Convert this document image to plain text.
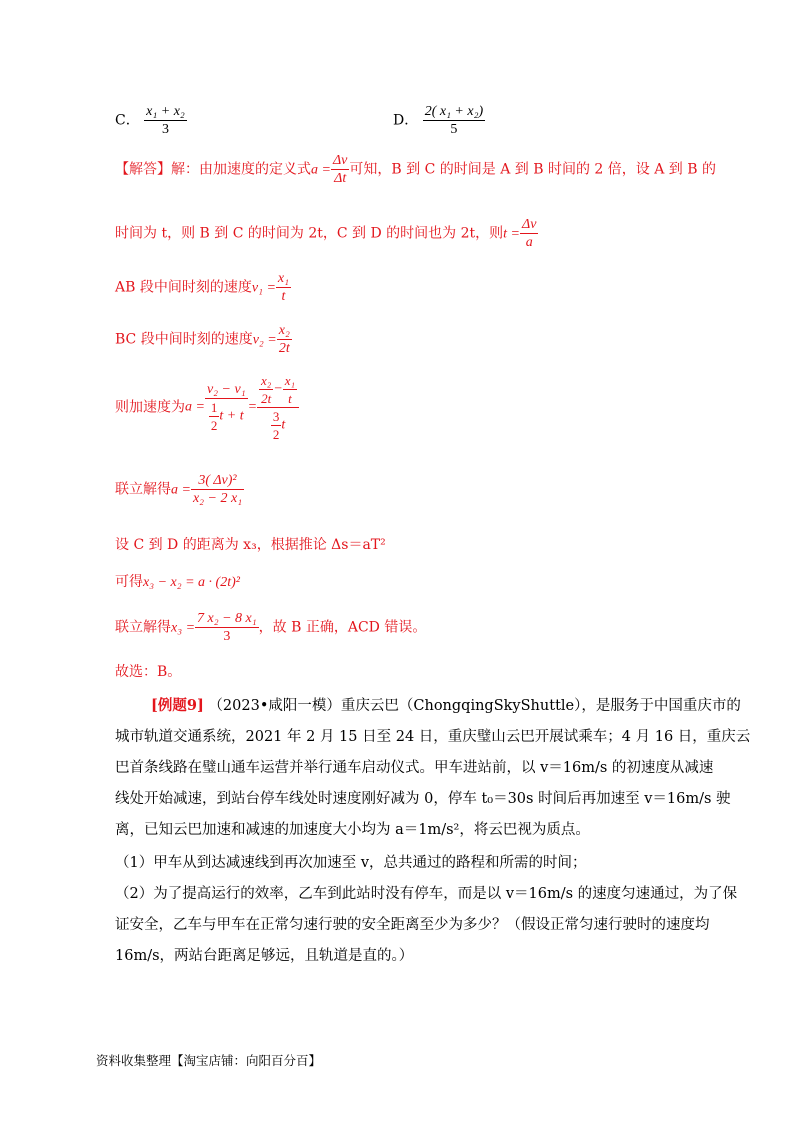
C． $\frac{\text{x₁ + x₂}}{3}$	D． $\frac{\text{2( x₁ + x₂)}}{5}$
【解答】解：由加速度的定义式$a = \frac{\Delta v}{\Delta t}$ 可知，B 到 C 的时间是 A 到 B 时间的 2 倍，设 A 到 B 的
时间为 t，则 B 到 C 的时间为 2t，C 到 D 的时间也为 2t，则$t = \frac{\Delta v}{a}$
AB 段中间时刻的速度$v_1 = \frac{\text{x₁}}{t}$
BC 段中间时刻的速度$v_2 = \frac{\text{x₂}}{2t}$
则加速度为$a = \frac{\text{v₂ − v₁}}{\frac{1}{2} t + t} = \frac{\frac{\text{x₂}}{2t} - \frac{\text{x₁}}{t}}{\frac{3}{2} t}$
联立解得$a = \frac{\text{3( Δv)²}}{\text{x₂ − 2 x₁}}$
设 C 到 D 的距离为 x₃，根据推论 Δs＝aT²
可得x₃ − x₂ = a · (2t)²
联立解得$x_3 = \frac{\text{7 x₂ − 8 x₁}}{3}$ ，故 B 正确，ACD 错误。
故选：B。
[例题9] （2023•咸阳一模）重庆云巴（ChongqingSkyShuttle），是服务于中国重庆市的
城市轨道交通系统，2021 年 2 月 15 日至 24 日，重庆璧山云巴开展试乘车；4 月 16 日，重庆云
巴首条线路在璧山通车运营并举行通车启动仪式。甲车进站前，以 v＝16m/s 的初速度从减速
线处开始减速，到站台停车线处时速度刚好减为 0，停车 t₀＝30s 时间后再加速至 v＝16m/s 驶
离，已知云巴加速和减速的加速度大小均为 a＝1m/s²，将云巴视为质点。
（1）甲车从到达减速线到再次加速至 v，总共通过的路程和所需的时间；
（2）为了提高运行的效率，乙车到此站时没有停车，而是以 v＝16m/s 的速度匀速通过，为了保
证安全，乙车与甲车在正常匀速行驶的安全距离至少为多少？（假设正常匀速行驶时的速度均
16m/s，两站台距离足够远，且轨道是直的。）
资料收集整理【淘宝店铺：向阳百分百】
